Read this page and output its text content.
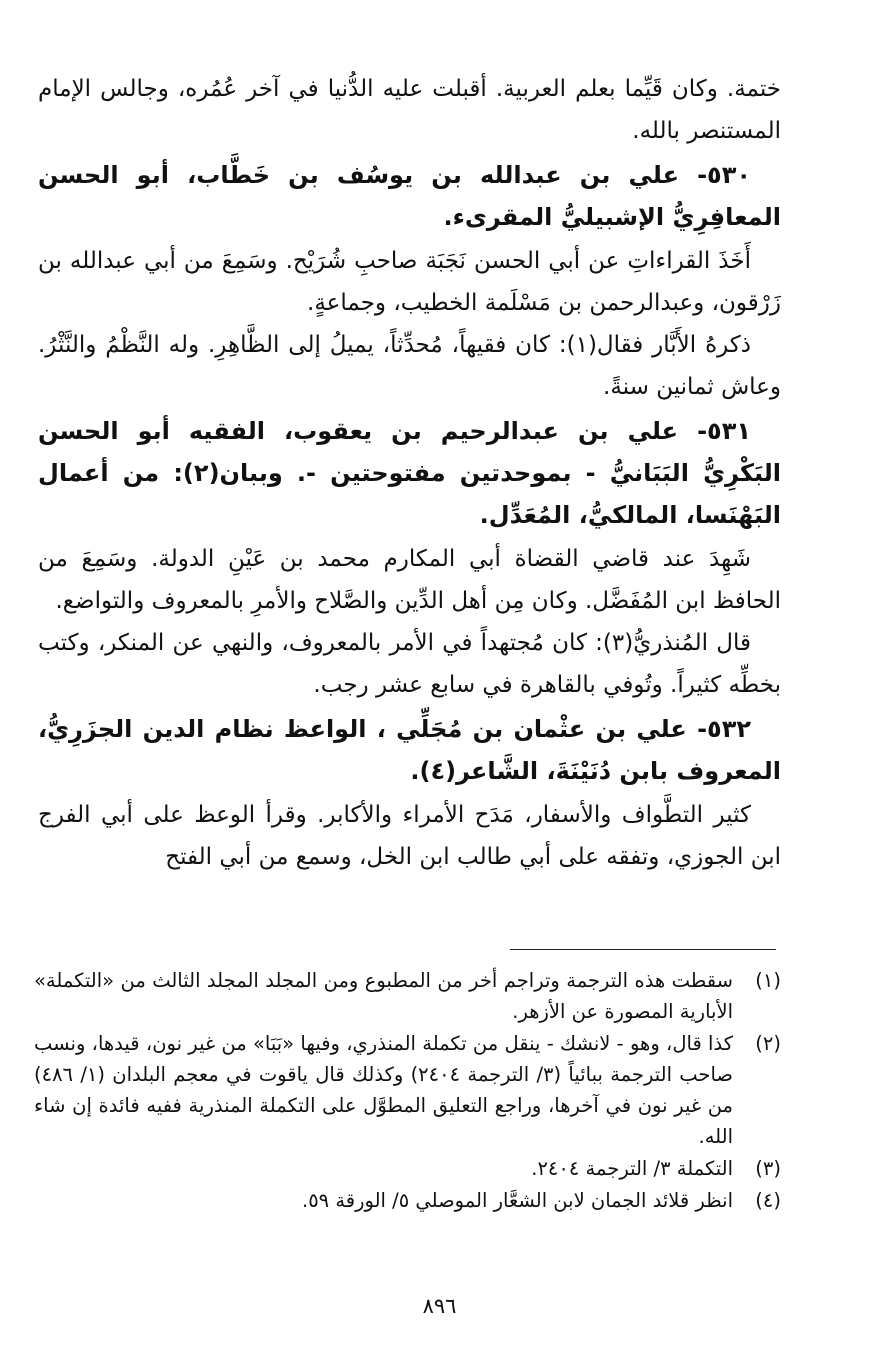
ختمة. وكان قَيِّما بعلم العربية. أقبلت عليه الدُّنيا في آخر عُمُره، وجالس الإمام المستنصر بالله.

٥٣٠- علي بن عبدالله بن يوسُف بن خَطَّاب، أبو الحسن المعافِرِيُّ الإشبيليُّ المقرىء.

أَخَذَ القراءاتِ عن أبي الحسن نَجَبَة صاحبِ شُرَيْح. وسَمِعَ من أبي عبدالله بن زَرْقون، وعبدالرحمن بن مَسْلَمة الخطيب، وجماعةٍ.

ذكرهُ الأَبَّار فقال(١): كان فقيهاً، مُحدِّثاً، يميلُ إلى الظَّاهِرِ. وله النَّظْمُ والنَّثْرُ. وعاش ثمانين سنةً.

٥٣١- علي بن عبدالرحيم بن يعقوب، الفقيه أبو الحسن البَكْرِيُّ البَبَانيُّ - بموحدتين مفتوحتين -. وببان(٢): من أعمال البَهْنَسا، المالكيُّ، المُعَدِّل.

شَهِدَ عند قاضي القضاة أبي المكارم محمد بن عَيْنِ الدولة. وسَمِعَ من الحافظ ابن المُفَضَّل. وكان مِن أهل الدِّين والصَّلاح والأمرِ بالمعروف والتواضع.

قال المُنذريُّ(٣): كان مُجتهداً في الأمر بالمعروف، والنهي عن المنكر، وكتب بخطِّه كثيراً. وتُوفي بالقاهرة في سابع عشر رجب.

٥٣٢- علي بن عثْمان بن مُجَلِّي ، الواعظ نظام الدين الجزَرِيُّ، المعروف بابن دُنَيْنَةَ، الشَّاعر(٤).

كثير التطَّواف والأسفار، مَدَح الأمراء والأكابر. وقرأ الوعظ على أبي الفرج ابن الجوزي، وتفقه على أبي طالب ابن الخل، وسمع من أبي الفتح

(١)
سقطت هذه الترجمة وتراجم أخر من المطبوع ومن المجلد المجلد الثالث من «التكملة» الأبارية المصورة عن الأزهر.
(٢)
كذا قال، وهو - لانشك - ينقل من تكملة المنذري، وفيها «بَبَا» من غير نون، قيدها، ونسب صاحب الترجمة ببائياً (٣/ الترجمة ٢٤٠٤) وكذلك قال ياقوت في معجم البلدان (١/ ٤٨٦) من غير نون في آخرها، وراجع التعليق المطوَّل على التكملة المنذرية ففيه فائدة إن شاء الله.
(٣)
التكملة ٣/ الترجمة ٢٤٠٤.
(٤)
انظر قلائد الجمان لابن الشعَّار الموصلي ٥/ الورقة ٥٩.
٨٩٦
